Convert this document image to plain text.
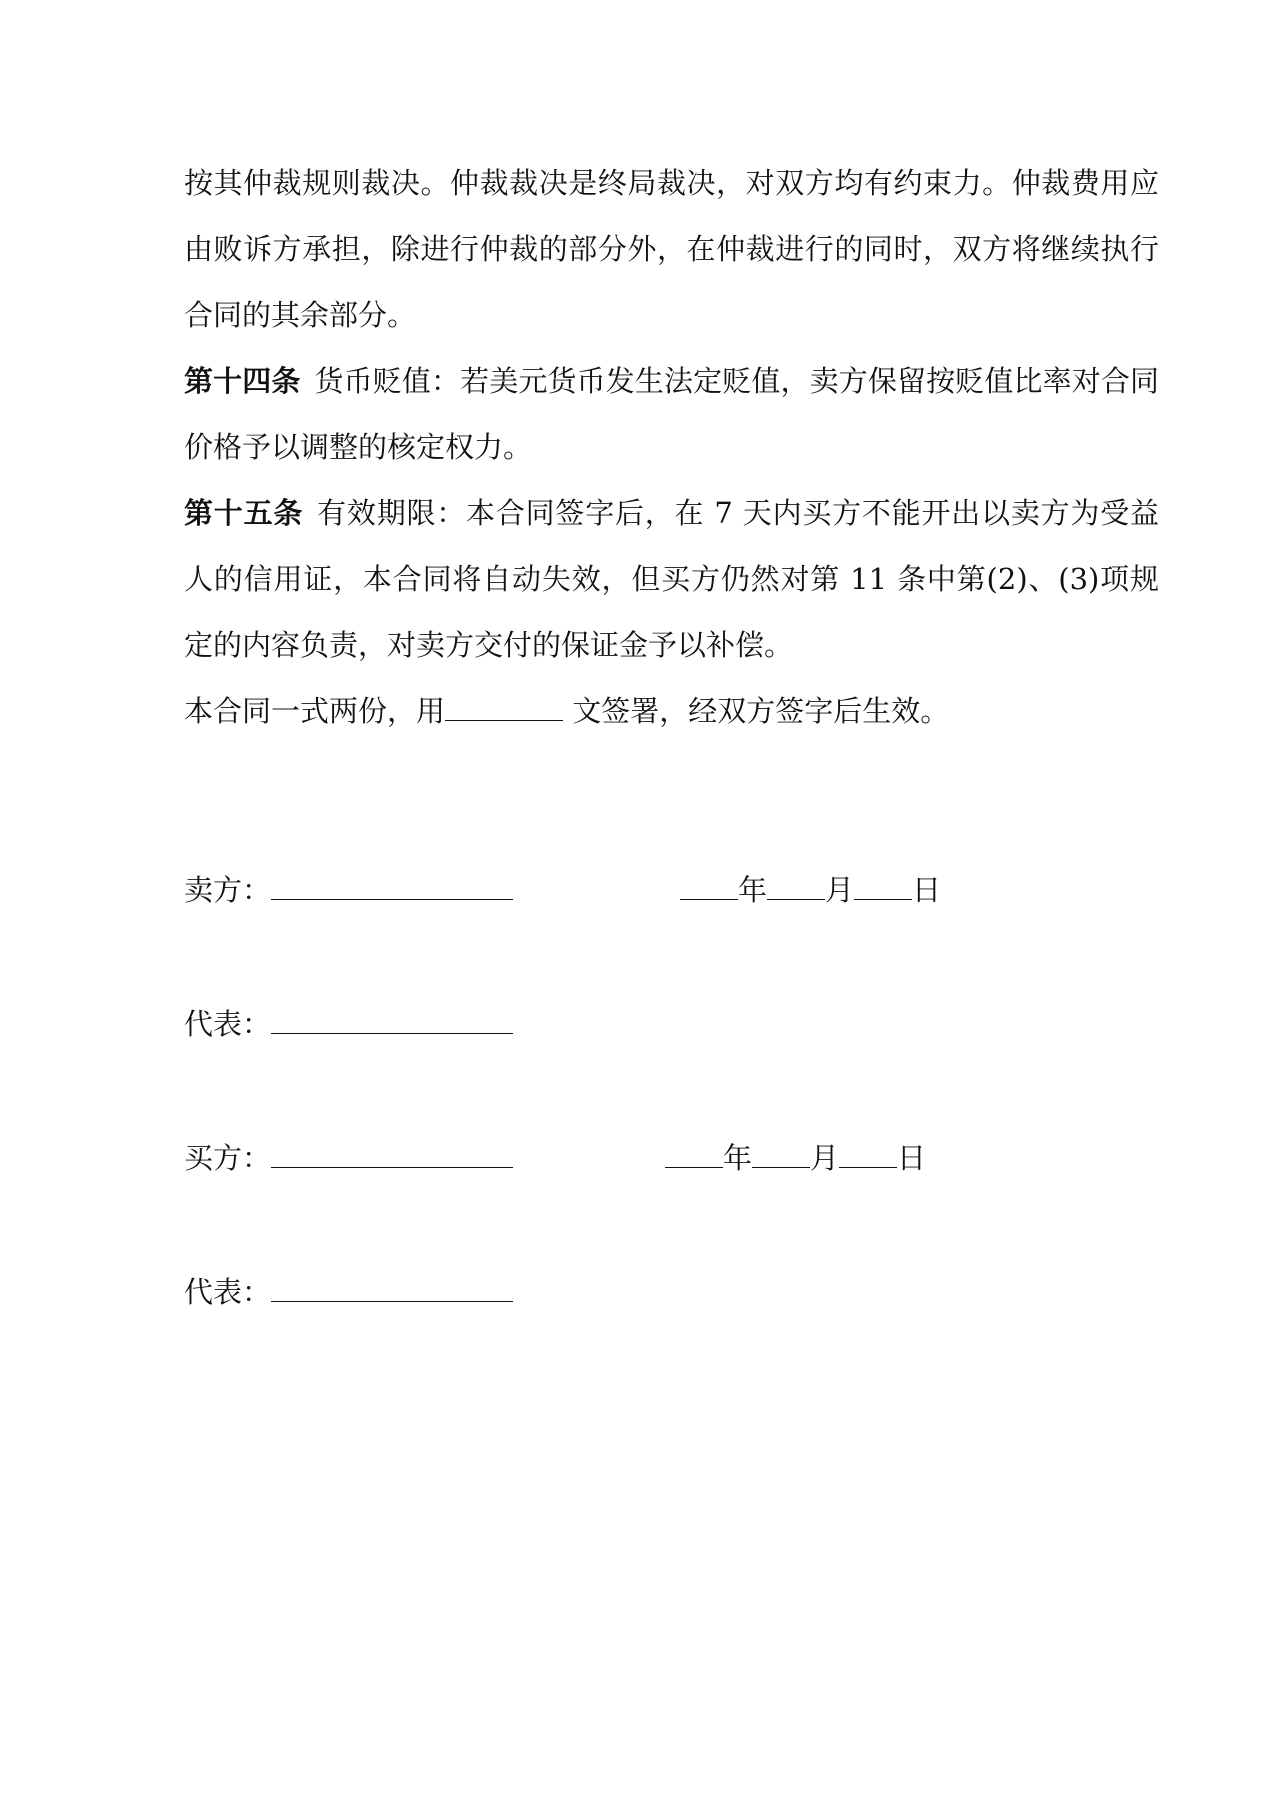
按其仲裁规则裁决。仲裁裁决是终局裁决，对双方均有约束力。仲裁费用应由败诉方承担，除进行仲裁的部分外，在仲裁进行的同时，双方将继续执行合同的其余部分。

第十四条 货币贬值：若美元货币发生法定贬值，卖方保留按贬值比率对合同价格予以调整的核定权力。

第十五条 有效期限：本合同签字后，在 7 天内买方不能开出以卖方为受益人的信用证，本合同将自动失效，但买方仍然对第 11 条中第(2)、(3)项规定的内容负责，对卖方交付的保证金予以补偿。

本合同一式两份，用	文签署，经双方签字后生效。

卖方：	年 月 日

代表：

买方：	年 月 日

代表：
